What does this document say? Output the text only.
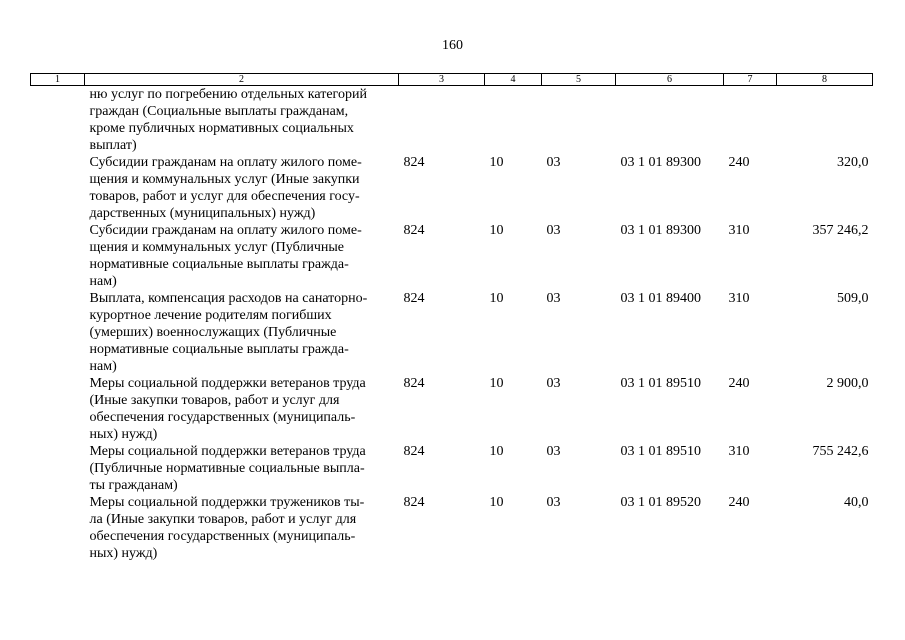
160
1	2	3	4	5	6	7	8

	ню услуг по погребению отдельных категорий
граждан (Социальные выплаты гражданам,
кроме публичных нормативных социальных
выплат)						

	Субсидии гражданам на оплату жилого поме-
щения и коммунальных услуг (Иные закупки
товаров, работ и услуг для обеспечения госу-
дарственных (муниципальных) нужд)	824	10	03	03 1 01 89300	240	320,0

	Субсидии гражданам на оплату жилого поме-
щения и коммунальных услуг (Публичные
нормативные социальные выплаты гражда-
нам)	824	10	03	03 1 01 89300	310	357 246,2

	Выплата, компенсация расходов на санаторно-
курортное лечение родителям погибших
(умерших) военнослужащих (Публичные
нормативные социальные выплаты гражда-
нам)	824	10	03	03 1 01 89400	310	509,0

	Меры социальной поддержки ветеранов труда
(Иные закупки товаров, работ и услуг для
обеспечения государственных (муниципаль-
ных) нужд)	824	10	03	03 1 01 89510	240	2 900,0

	Меры социальной поддержки ветеранов труда
(Публичные нормативные социальные выпла-
ты гражданам)	824	10	03	03 1 01 89510	310	755 242,6

	Меры социальной поддержки тружеников ты-
ла (Иные закупки товаров, работ и услуг для
обеспечения государственных (муниципаль-
ных) нужд)	824	10	03	03 1 01 89520	240	40,0
